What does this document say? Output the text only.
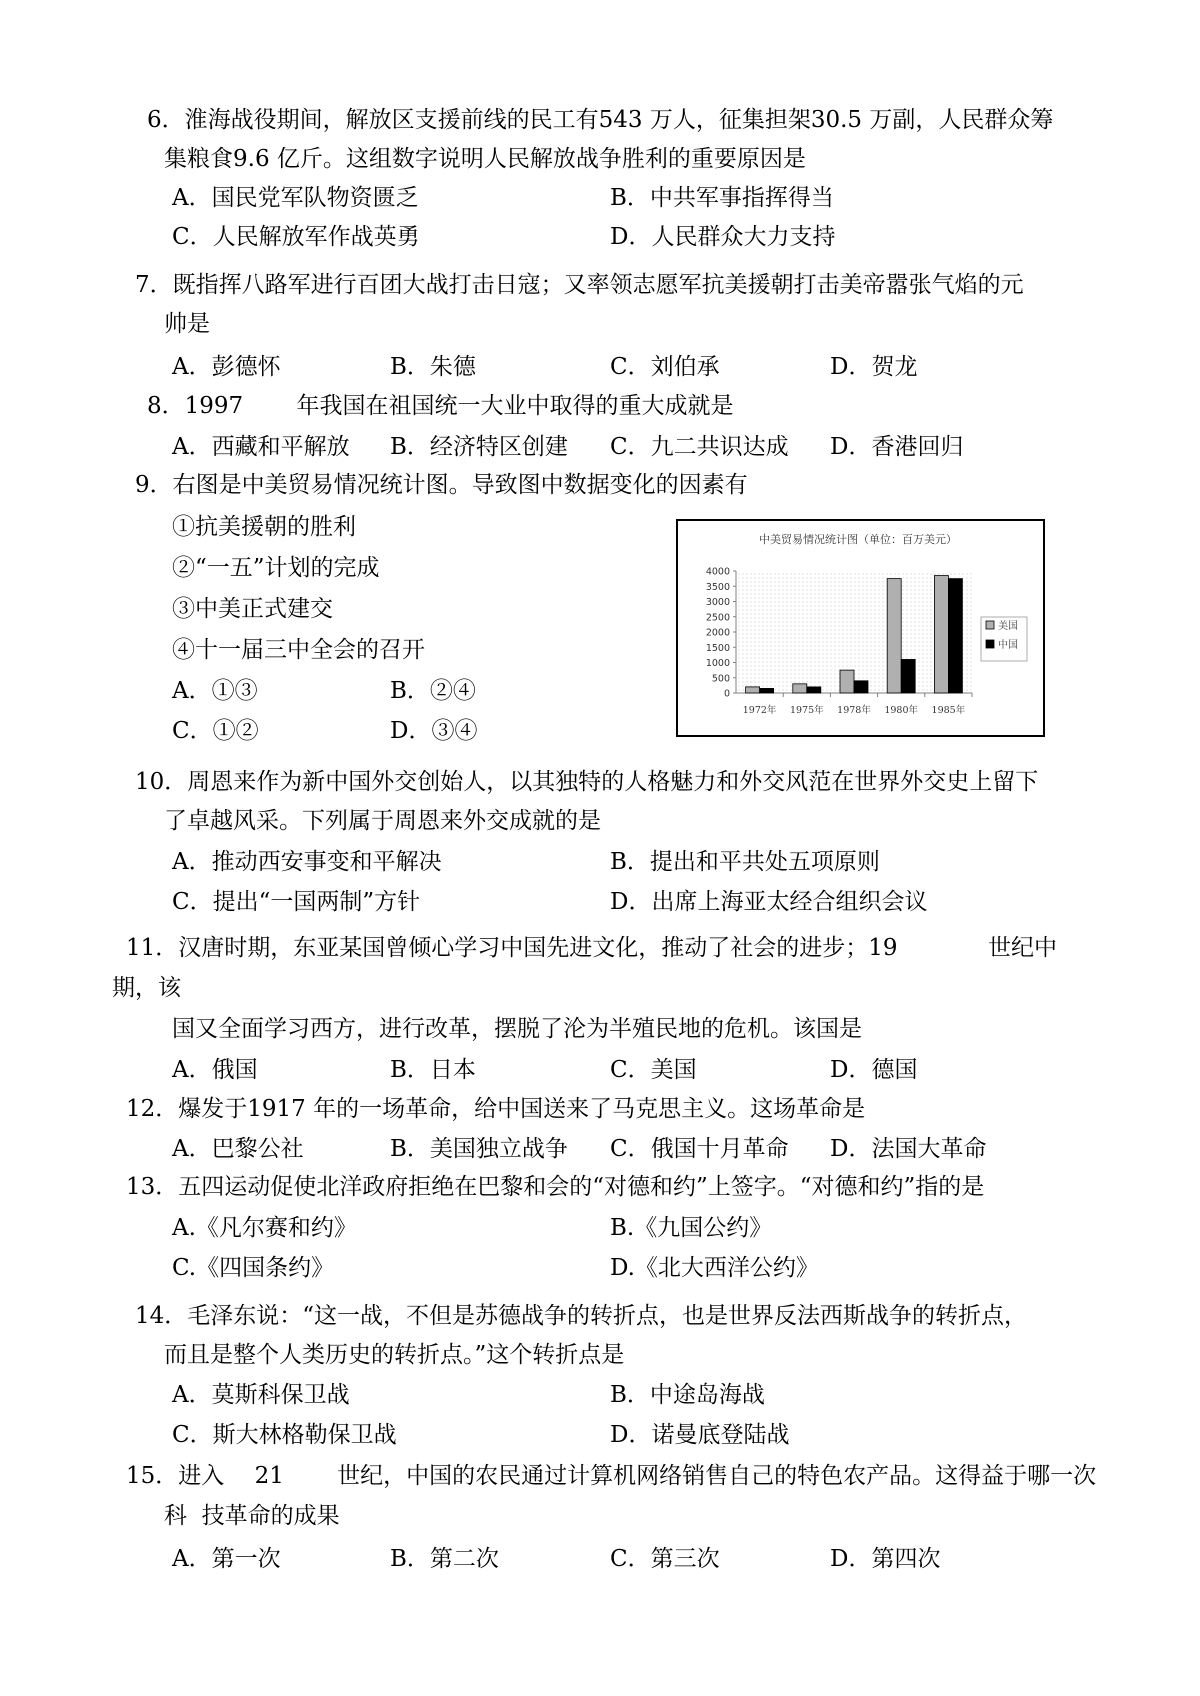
6．淮海战役期间，解放区支援前线的民工有543 万人，征集担架30.5 万副，人民群众筹
集粮食9.6 亿斤。这组数字说明人民解放战争胜利的重要原因是
A．国民党军队物资匮乏	B．中共军事指挥得当
C．人民解放军作战英勇	D．人民群众大力支持
7．既指挥八路军进行百团大战打击日寇；又率领志愿军抗美援朝打击美帝嚣张气焰的元
帅是
A．彭德怀	B．朱德	C．刘伯承	D．贺龙
8．1997　　 年我国在祖国统一大业中取得的重大成就是
A．西藏和平解放 B．经济特区创建 C．九二共识达成 D．香港回归
9．右图是中美贸易情况统计图。导致图中数据变化的因素有
①抗美援朝的胜利
②“一五”计划的完成
③中美正式建交
④十一届三中全会的召开
A．①③	B．②④
C．①②	D．③④
中美贸易情况统计图（单位：百万美元）
0
500
1000
1500
2000
2500
3000
3500
4000
1972年 1975年 1978年 1980年 1985年
美国
中国
10．周恩来作为新中国外交创始人，以其独特的人格魅力和外交风范在世界外交史上留下
了卓越风采。下列属于周恩来外交成就的是
A．推动西安事变和平解决	B．提出和平共处五项原则
C．提出“一国两制”方针	D．出席上海亚太经合组织会议
11．汉唐时期，东亚某国曾倾心学习中国先进文化，推动了社会的进步；19	世纪中
期，该
国又全面学习西方，进行改革，摆脱了沦为半殖民地的危机。该国是
A．俄国	B．日本	C．美国	D．德国
12．爆发于1917 年的一场革命，给中国送来了马克思主义。这场革命是
A．巴黎公社	B．美国独立战争 C．俄国十月革命 D．法国大革命
13．五四运动促使北洋政府拒绝在巴黎和会的“对德和约”上签字。“对德和约”指的是
A.《凡尔赛和约》	B.《九国公约》
C.《四国条约》	D.《北大西洋公约》
14．毛泽东说：“这一战，不但是苏德战争的转折点，也是世界反法西斯战争的转折点，
而且是整个人类历史的转折点。”这个转折点是
A．莫斯科保卫战	B．中途岛海战
C．斯大林格勒保卫战	D．诺曼底登陆战
15．进入　 21　　 世纪，中国的农民通过计算机网络销售自己的特色农产品。这得益于哪一次
科  技革命的成果
A．第一次	B．第二次	C．第三次	D．第四次
